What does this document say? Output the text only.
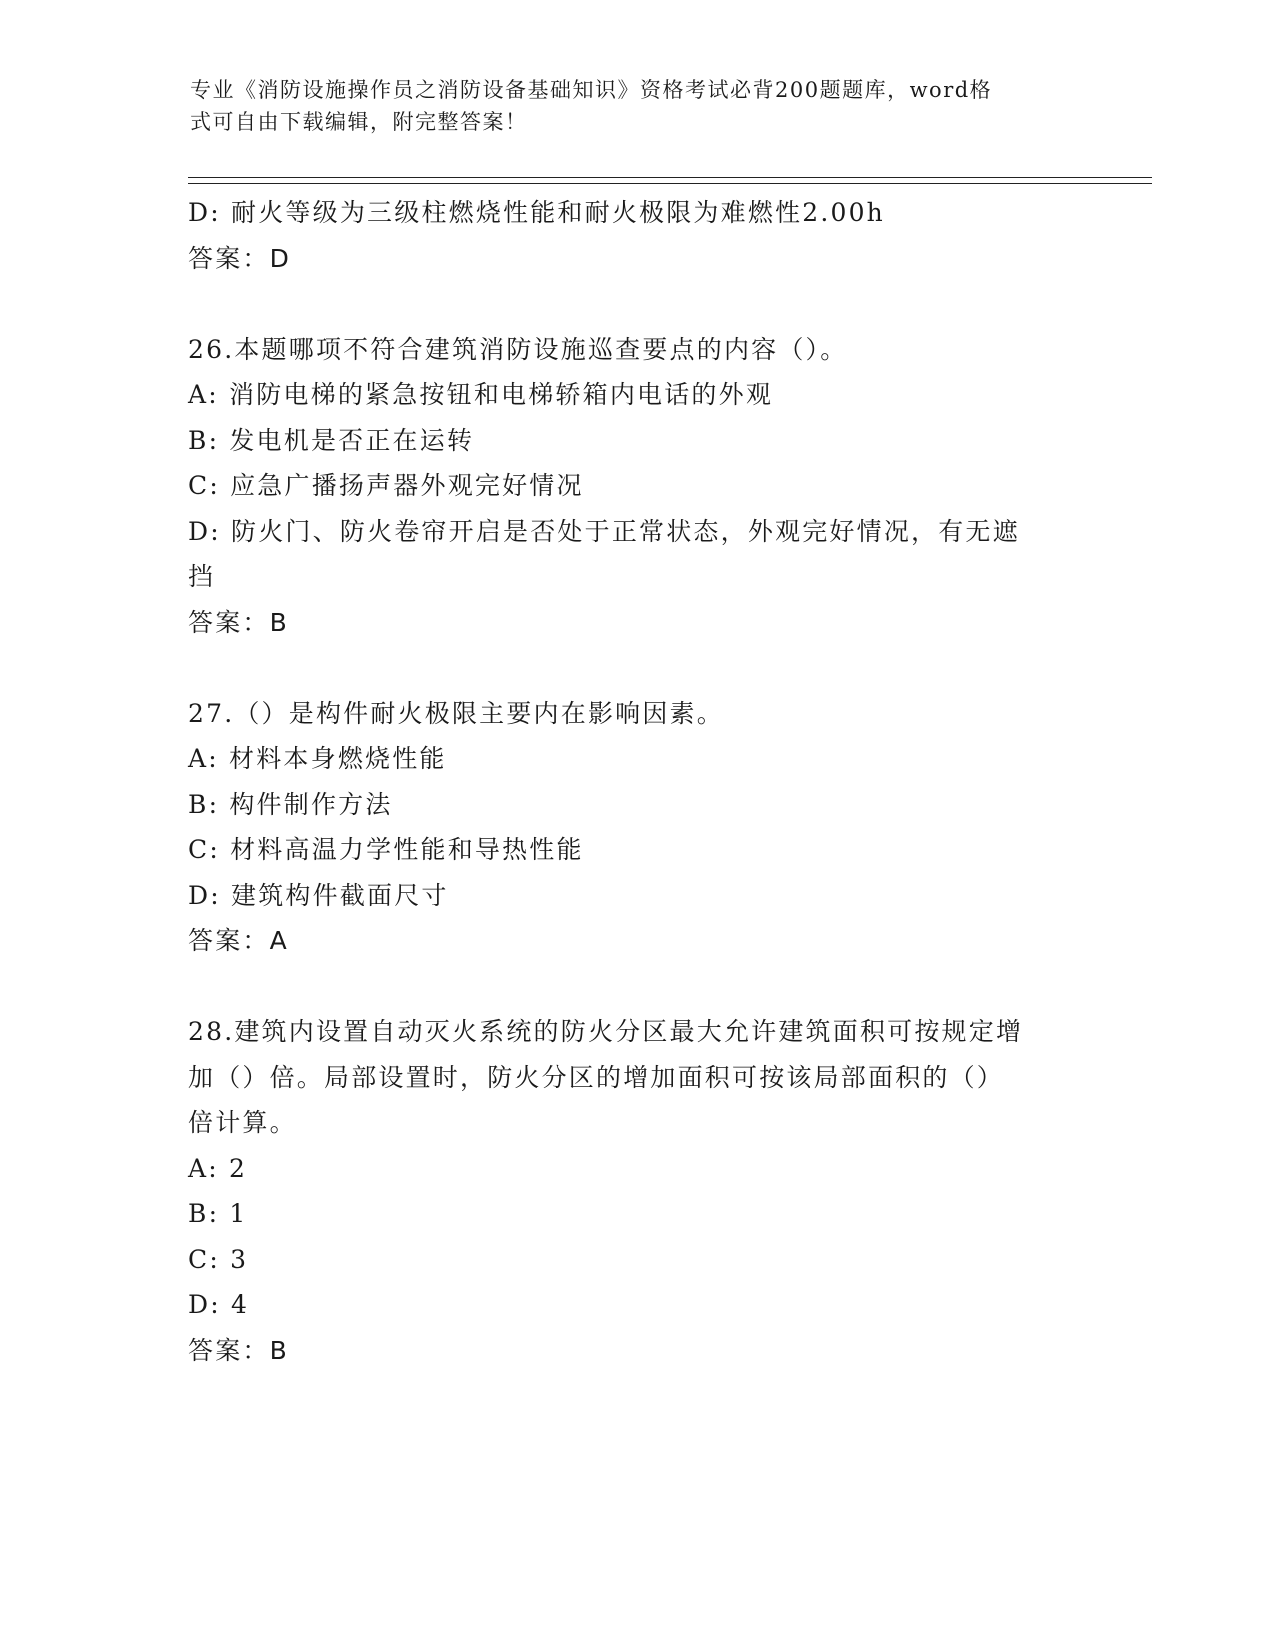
专业《消防设施操作员之消防设备基础知识》资格考试必背200题题库，word格
式可自由下载编辑，附完整答案！
D: 耐火等级为三级柱燃烧性能和耐火极限为难燃性2.00h
答案：D
26.本题哪项不符合建筑消防设施巡查要点的内容（）。
A: 消防电梯的紧急按钮和电梯轿箱内电话的外观
B: 发电机是否正在运转
C: 应急广播扬声器外观完好情况
D: 防火门、防火卷帘开启是否处于正常状态，外观完好情况，有无遮
挡
答案：B
27.（）是构件耐火极限主要内在影响因素。
A: 材料本身燃烧性能
B: 构件制作方法
C: 材料高温力学性能和导热性能
D: 建筑构件截面尺寸
答案：A
28.建筑内设置自动灭火系统的防火分区最大允许建筑面积可按规定增
加（）倍。局部设置时，防火分区的增加面积可按该局部面积的（）
倍计算。
A: 2
B: 1
C: 3
D: 4
答案：B
